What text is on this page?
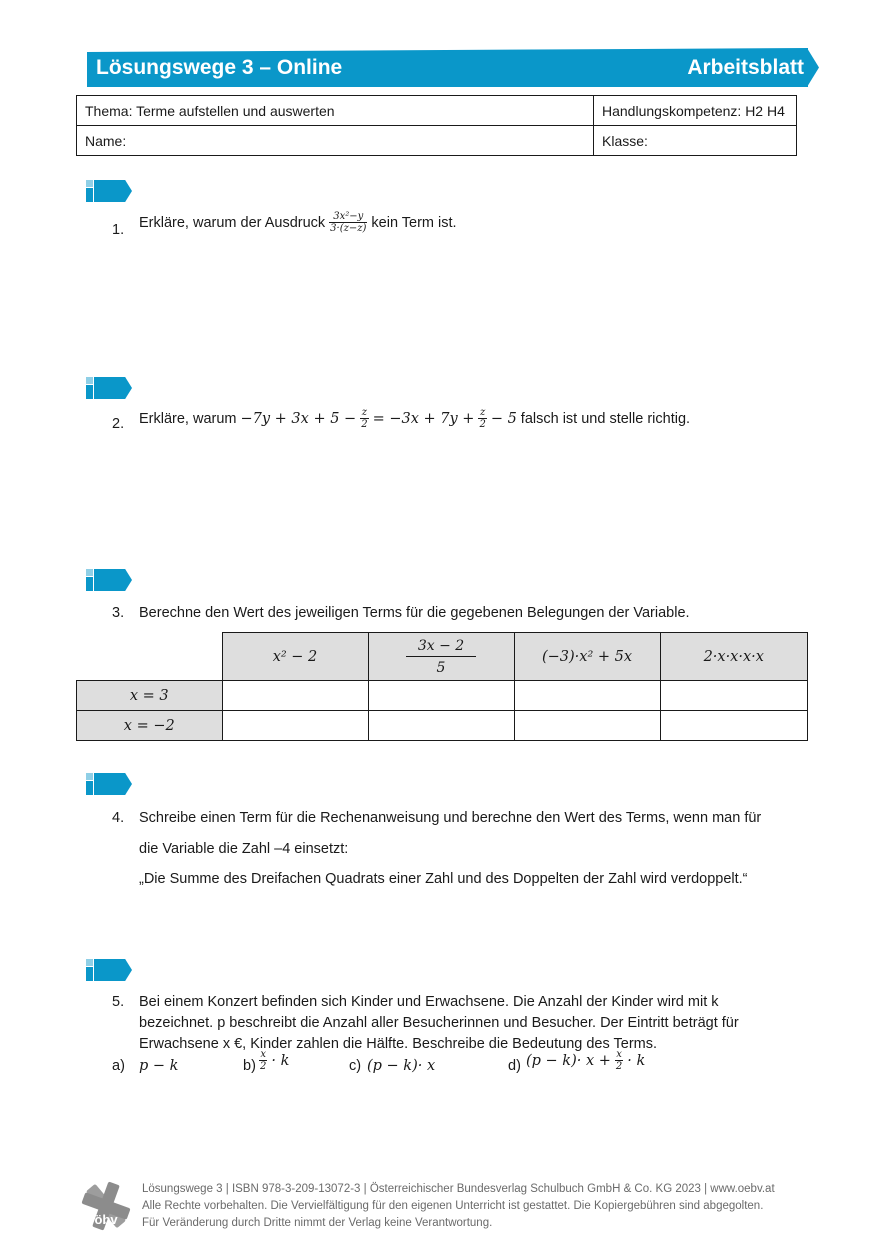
Lösungswege 3 – Online	Arbeitsblatt
Thema: Terme aufstellen und auswerten	Handlungskompetenz: H2 H4
Name:	Klasse:
1. Erkläre, warum der Ausdruck $\frac{\text{3x²−y}}{3\cdot(z-z)}$ kein Term ist.
2. Erkläre, warum $-7y + 3x + 5 - \frac{z}{2} = -3x + 7y + \frac{z}{2} - 5$ falsch ist und stelle richtig.
3. Berechne den Wert des jeweiligen Terms für die gegebenen Belegungen der Variable.
	x² − 2	$\frac{3x - 2}{5}$	(−3)·x² + 5x	2·x·x·x·x
x = 3				
x = −2				
4. Schreibe einen Term für die Rechenanweisung und berechne den Wert des Terms, wenn man für
die Variable die Zahl –4 einsetzt:
„Die Summe des Dreifachen Quadrats einer Zahl und des Doppelten der Zahl wird verdoppelt.“
5. Bei einem Konzert befinden sich Kinder und Erwachsene. Die Anzahl der Kinder wird mit k
bezeichnet. p beschreibt die Anzahl aller Besucherinnen und Besucher. Der Eintritt beträgt für
Erwachsene x €, Kinder zahlen die Hälfte. Beschreibe die Bedeutung des Terms.
a) p − k	$b) \frac{x}{2} \cdot k$	c) (p − k)· x	d) $(p - k)\cdot x + \frac{x}{2} \cdot k$
öbv
Lösungswege 3 | ISBN 978-3-209-13072-3 | Österreichischer Bundesverlag Schulbuch GmbH & Co. KG 2023 | www.oebv.at
Alle Rechte vorbehalten. Die Vervielfältigung für den eigenen Unterricht ist gestattet. Die Kopiergebühren sind abgegolten.
Für Veränderung durch Dritte nimmt der Verlag keine Verantwortung.
